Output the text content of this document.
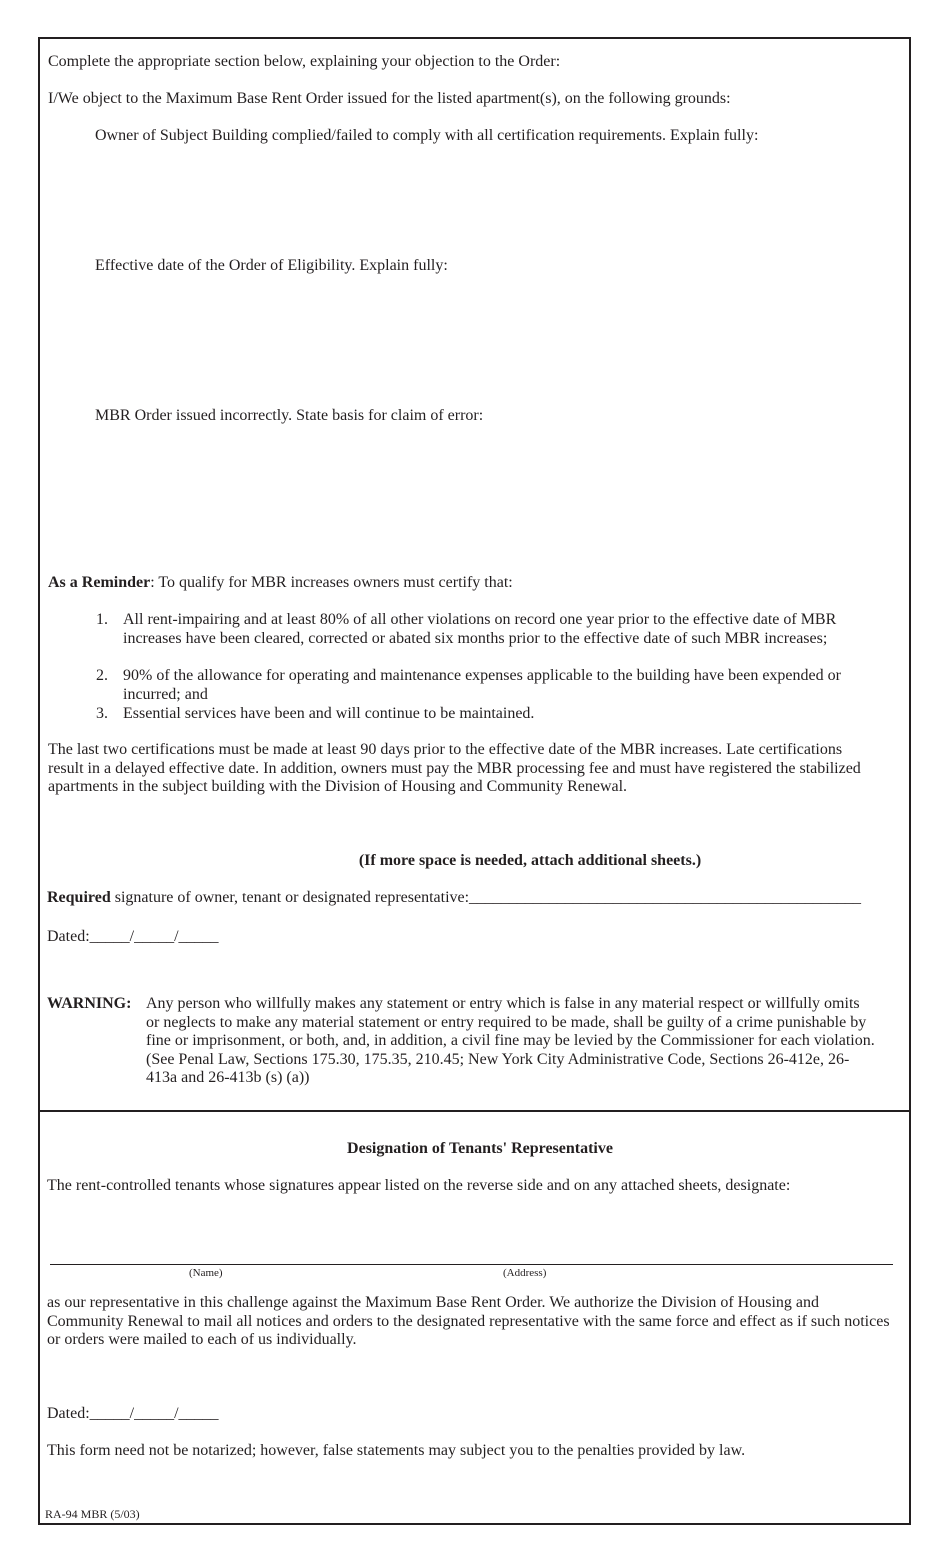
Complete the appropriate section below, explaining your objection to the Order:
I/We object to the Maximum Base Rent Order issued for the listed apartment(s), on the following grounds:
Owner of Subject Building complied/failed to comply with all certification requirements. Explain fully:
Effective date of the Order of Eligibility. Explain fully:
MBR Order issued incorrectly. State basis for claim of error:
As a Reminder: To qualify for MBR increases owners must certify that:
1. All rent-impairing and at least 80% of all other violations on record one year prior to the effective date of MBR increases have been cleared, corrected or abated six months prior to the effective date of such MBR increases;
2. 90% of the allowance for operating and maintenance expenses applicable to the building have been expended or incurred; and
3. Essential services have been and will continue to be maintained.
The last two certifications must be made at least 90 days prior to the effective date of the MBR increases. Late certifications result in a delayed effective date. In addition, owners must pay the MBR processing fee and must have registered the stabilized apartments in the subject building with the Division of Housing and Community Renewal.
(If more space is needed, attach additional sheets.)
Required signature of owner, tenant or designated representative:_________________________________________________
Dated:_____/_____/_____
WARNING: Any person who willfully makes any statement or entry which is false in any material respect or willfully omits or neglects to make any material statement or entry required to be made, shall be guilty of a crime punishable by fine or imprisonment, or both, and, in addition, a civil fine may be levied by the Commissioner for each violation. (See Penal Law, Sections 175.30, 175.35, 210.45; New York City Administrative Code, Sections 26-412e, 26-413a and 26-413b (s) (a))
Designation of Tenants' Representative
The rent-controlled tenants whose signatures appear listed on the reverse side and on any attached sheets, designate:
(Name)	(Address)
as our representative in this challenge against the Maximum Base Rent Order. We authorize the Division of Housing and Community Renewal to mail all notices and orders to the designated representative with the same force and effect as if such notices or orders were mailed to each of us individually.
Dated:_____/_____/_____
This form need not be notarized; however, false statements may subject you to the penalties provided by law.
RA-94 MBR (5/03)
